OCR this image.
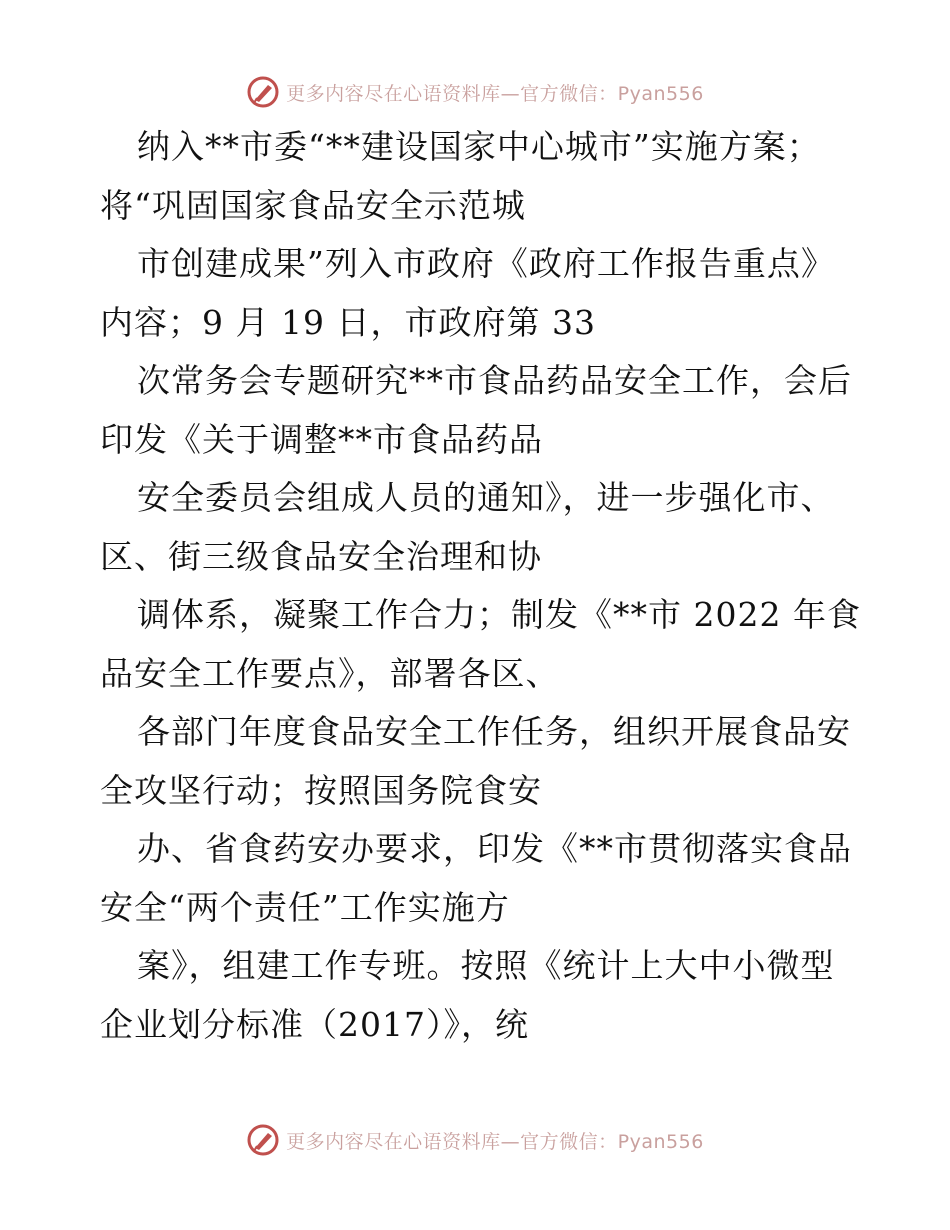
更多内容尽在心语资料库—官方微信：Pyan556
纳入**市委“**建设国家中心城市”实施方案；
将“巩固国家食品安全示范城
市创建成果”列入市政府《政府工作报告重点》
内容；9 月 19 日，市政府第 33
次常务会专题研究**市食品药品安全工作，会后
印发《关于调整**市食品药品
安全委员会组成人员的通知》，进一步强化市、
区、街三级食品安全治理和协
调体系，凝聚工作合力；制发《**市 2022 年食
品安全工作要点》，部署各区、
各部门年度食品安全工作任务，组织开展食品安
全攻坚行动；按照国务院食安
办、省食药安办要求，印发《**市贯彻落实食品
安全“两个责任”工作实施方
案》，组建工作专班。按照《统计上大中小微型
企业划分标准（2017）》，统
更多内容尽在心语资料库—官方微信：Pyan556
